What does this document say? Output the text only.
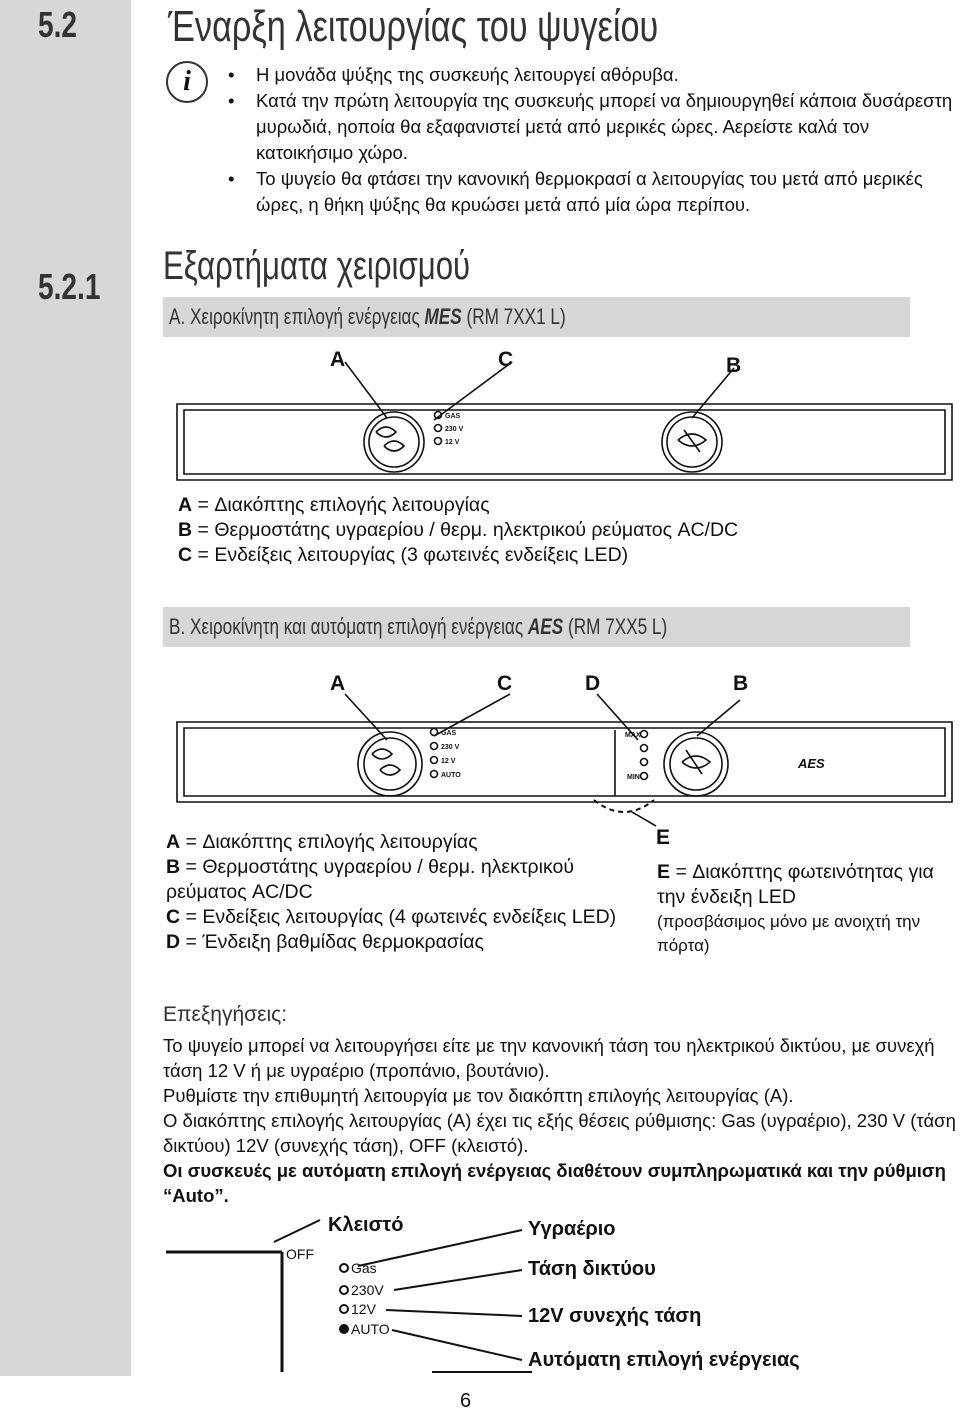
5.2
5.2.1
Έναρξη λειτουργίας του ψυγείου
i
•	Η μονάδα ψύξης της συσκευής λειτουργεί αθόρυβα.
• Κατά την πρώτη λειτουργία της συσκευής μπορεί να δημιουργηθεί κάποια δυσάρεστη μυρωδιά, ηοποία θα εξαφανιστεί μετά από μερικές ώρες. Αερείστε καλά τον κατοικήσιμο χώρο.
• Το ψυγείο θα φτάσει την κανονική θερμοκρασί α λειτουργίας του μετά από μερικές ώρες, η θήκη ψύξης θα κρυώσει μετά από μία ώρα περίπου.
Εξαρτήματα χειρισμού
A. Χειροκίνητη επιλογή ενέργειας MES (RM 7XX1 L)
A	C	B
GAS
230 V
12 V
A = Διακόπτης επιλογής λειτουργίας
B = Θερμοστάτης υγραερίου / θερμ. ηλεκτρικού ρεύματος AC/DC
C = Ενδείξεις λειτουργίας (3 φωτεινές ενδείξεις LED)
B. Χειροκίνητη και αυτόματη επιλογή ενέργειας AES (RM 7XX5 L)
A	C	D	B
E
GAS
230 V
12 V
AUTO
MAX
MIN
AES
A = Διακόπτης επιλογής λειτουργίας
B = Θερμοστάτης υγραερίου / θερμ. ηλεκτρικού ρεύματος AC/DC
C = Ενδείξεις λειτουργίας (4 φωτεινές ενδείξεις LED)
D = Ένδειξη βαθμίδας θερμοκρασίας
E = Διακόπτης φωτεινότητας για την ένδειξη LED
(προσβάσιμος μόνο με ανοιχτή την πόρτα)
Επεξηγήσεις:

Το ψυγείο μπορεί να λειτουργήσει είτε με την κανονική τάση του ηλεκτρικού δικτύου, με συνεχή τάση 12 V ή με υγραέριο (προπάνιο, βουτάνιο).

Ρυθμίστε την επιθυμητή λειτουργία με τον διακόπτη επιλογής λειτουργίας (A).

Ο διακόπτης επιλογής λειτουργίας (A) έχει τις εξής θέσεις ρύθμισης: Gas (υγραέριο), 230 V (τάση δικτύου) 12V (συνεχής τάση), OFF (κλειστό).

Οι συσκευές με αυτόματη επιλογή ενέργειας διαθέτουν συμπληρωματικά και την ρύθμιση “Auto”.

OFF
Gas
230V
12V
AUTO
Κλειστό	Υγραέριο
Τάση δικτύου
12V συνεχής τάση
Αυτόματη επιλογή ενέργειας
6
